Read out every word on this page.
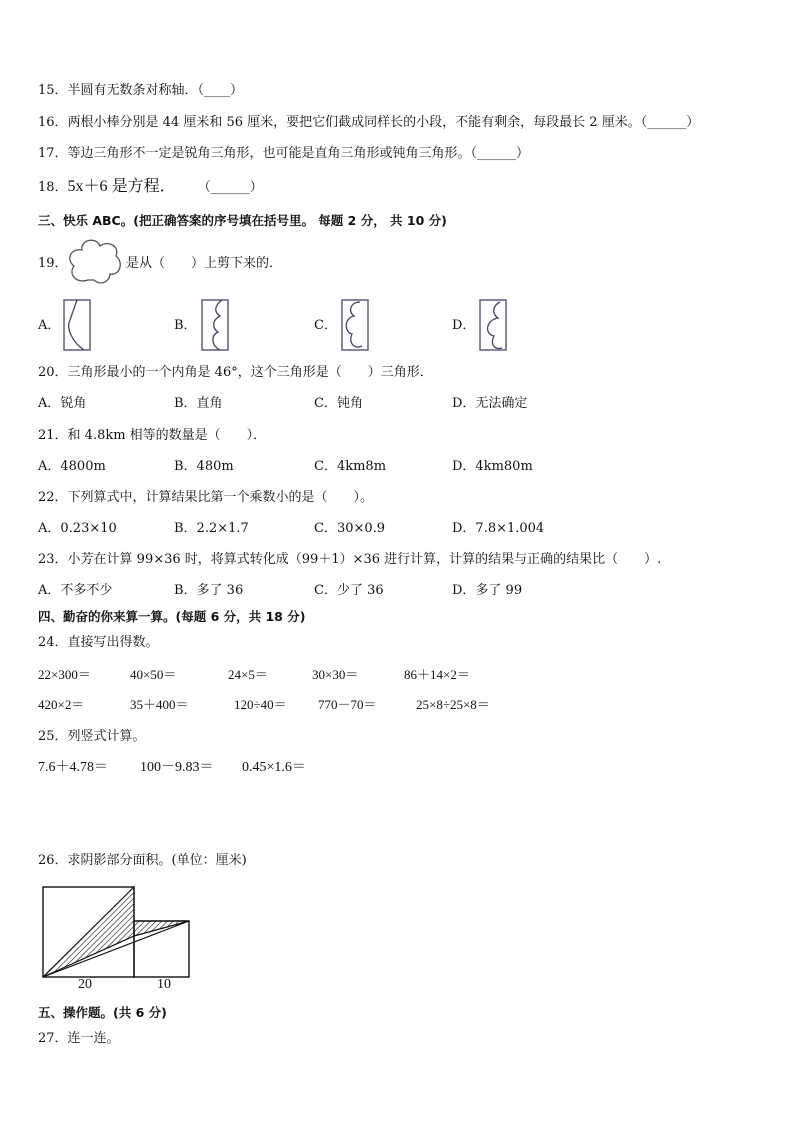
15．半圆有无数条对称轴．（____）
16．两根小棒分别是 44 厘米和 56 厘米，要把它们截成同样长的小段，不能有剩余，每段最长 2 厘米。（______）
17．等边三角形不一定是锐角三角形，也可能是直角三角形或钝角三角形。（______）
18．5x＋6 是方程． （______）
三、快乐 ABC。(把正确答案的序号填在括号里。 每题 2 分， 共 10 分)
19．	是从（　　）上剪下来的．
A．	B．	C．	D．
20．三角形最小的一个内角是 46°，这个三角形是（　　）三角形．
A．锐角	B．直角	C．钝角	D．无法确定
21．和 4.8km 相等的数量是（　　）．
A．4800m	B．480m	C．4km8m	D．4km80m
22．下列算式中，计算结果比第一个乘数小的是（　　）。
A．0.23×10	B．2.2×1.7	C．30×0.9	D．7.8×1.004
23．小芳在计算 99×36 时，将算式转化成（99＋1）×36 进行计算，计算的结果与正确的结果比（　　）.
A．不多不少	B．多了 36	C．少了 36	D．多了 99
四、勤奋的你来算一算。(每题 6 分，共 18 分)
24．直接写出得数。
22×300＝	40×50＝	24×5＝	30×30＝	86＋14×2＝
420×2＝	35＋400＝	120÷40＝ 770－70＝	25×8÷25×8＝
25．列竖式计算。
7.6＋4.78＝ 100－9.83＝ 0.45×1.6＝
26．求阴影部分面积。(单位：厘米)
20	10
五、操作题。(共 6 分)
27．连一连。
